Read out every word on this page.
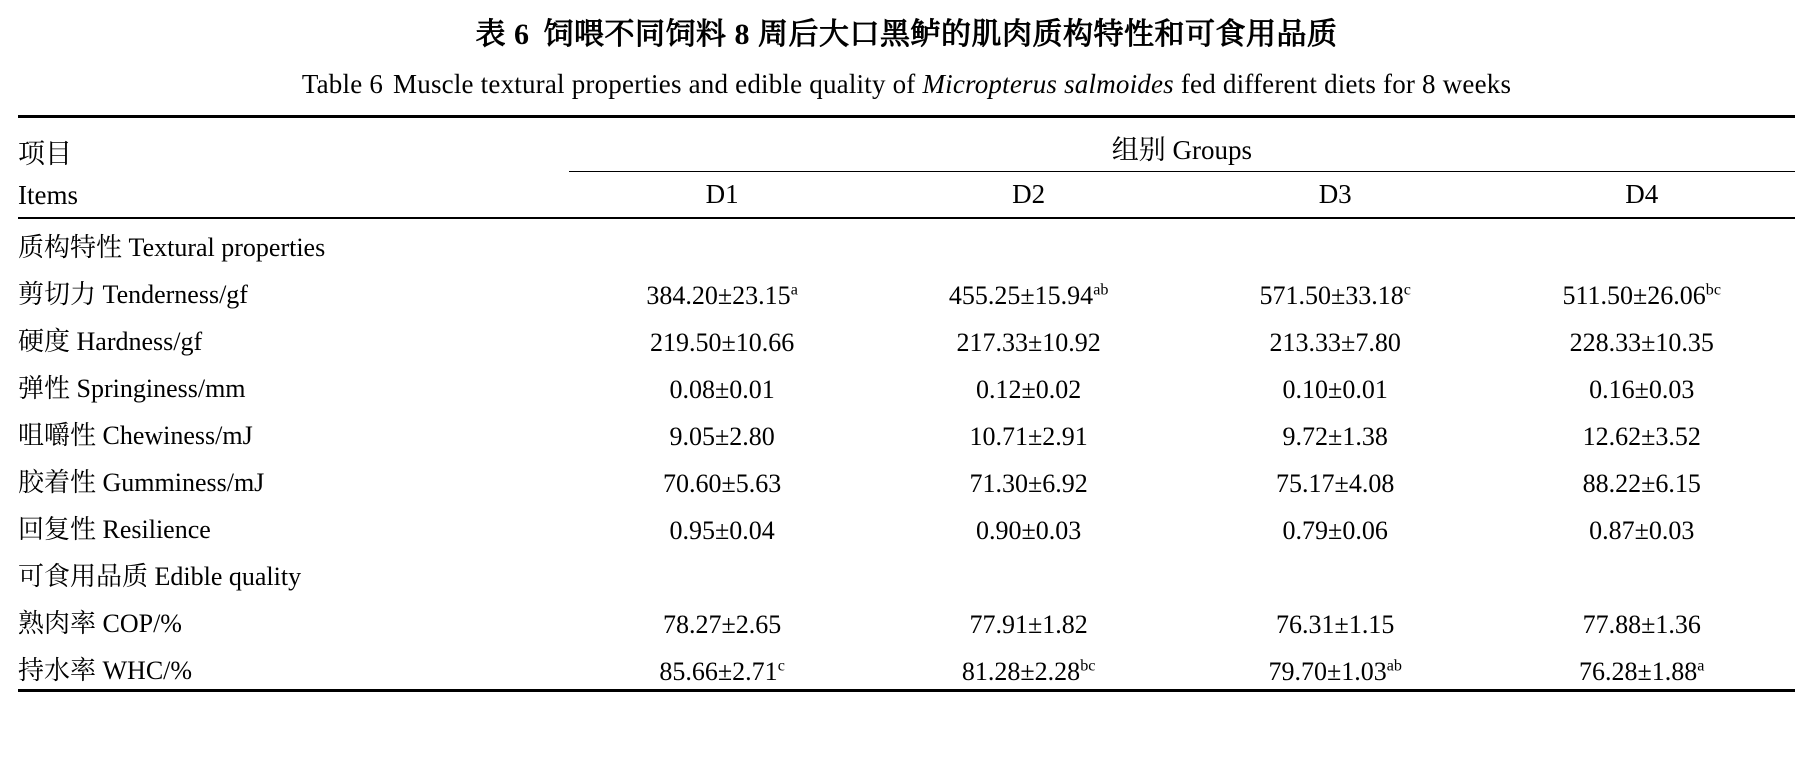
表 6 饲喂不同饲料 8 周后大口黑鲈的肌肉质构特性和可食用品质
Table 6 Muscle textural properties and edible quality of Micropterus salmoides fed different diets for 8 weeks

项目
Items	组别 Groups			

	D1	D2	D3	D4

质构特性 Textural properties				
剪切力 Tenderness/gf	384.20±23.15$^a$	455.25±15.94$^{ab}$	571.50±33.18$^c$	511.50±26.06$^{bc}$
硬度 Hardness/gf	219.50±10.66	217.33±10.92	213.33±7.80	228.33±10.35
弹性 Springiness/mm	0.08±0.01	0.12±0.02	0.10±0.01	0.16±0.03
咀嚼性 Chewiness/mJ	9.05±2.80	10.71±2.91	9.72±1.38	12.62±3.52
胶着性 Gumminess/mJ	70.60±5.63	71.30±6.92	75.17±4.08	88.22±6.15
回复性 Resilience	0.95±0.04	0.90±0.03	0.79±0.06	0.87±0.03
可食用品质 Edible quality				
熟肉率 COP/%	78.27±2.65	77.91±1.82	76.31±1.15	77.88±1.36
持水率 WHC/%	85.66±2.71$^c$	81.28±2.28$^{bc}$	79.70±1.03$^{ab}$	76.28±1.88$^a$
